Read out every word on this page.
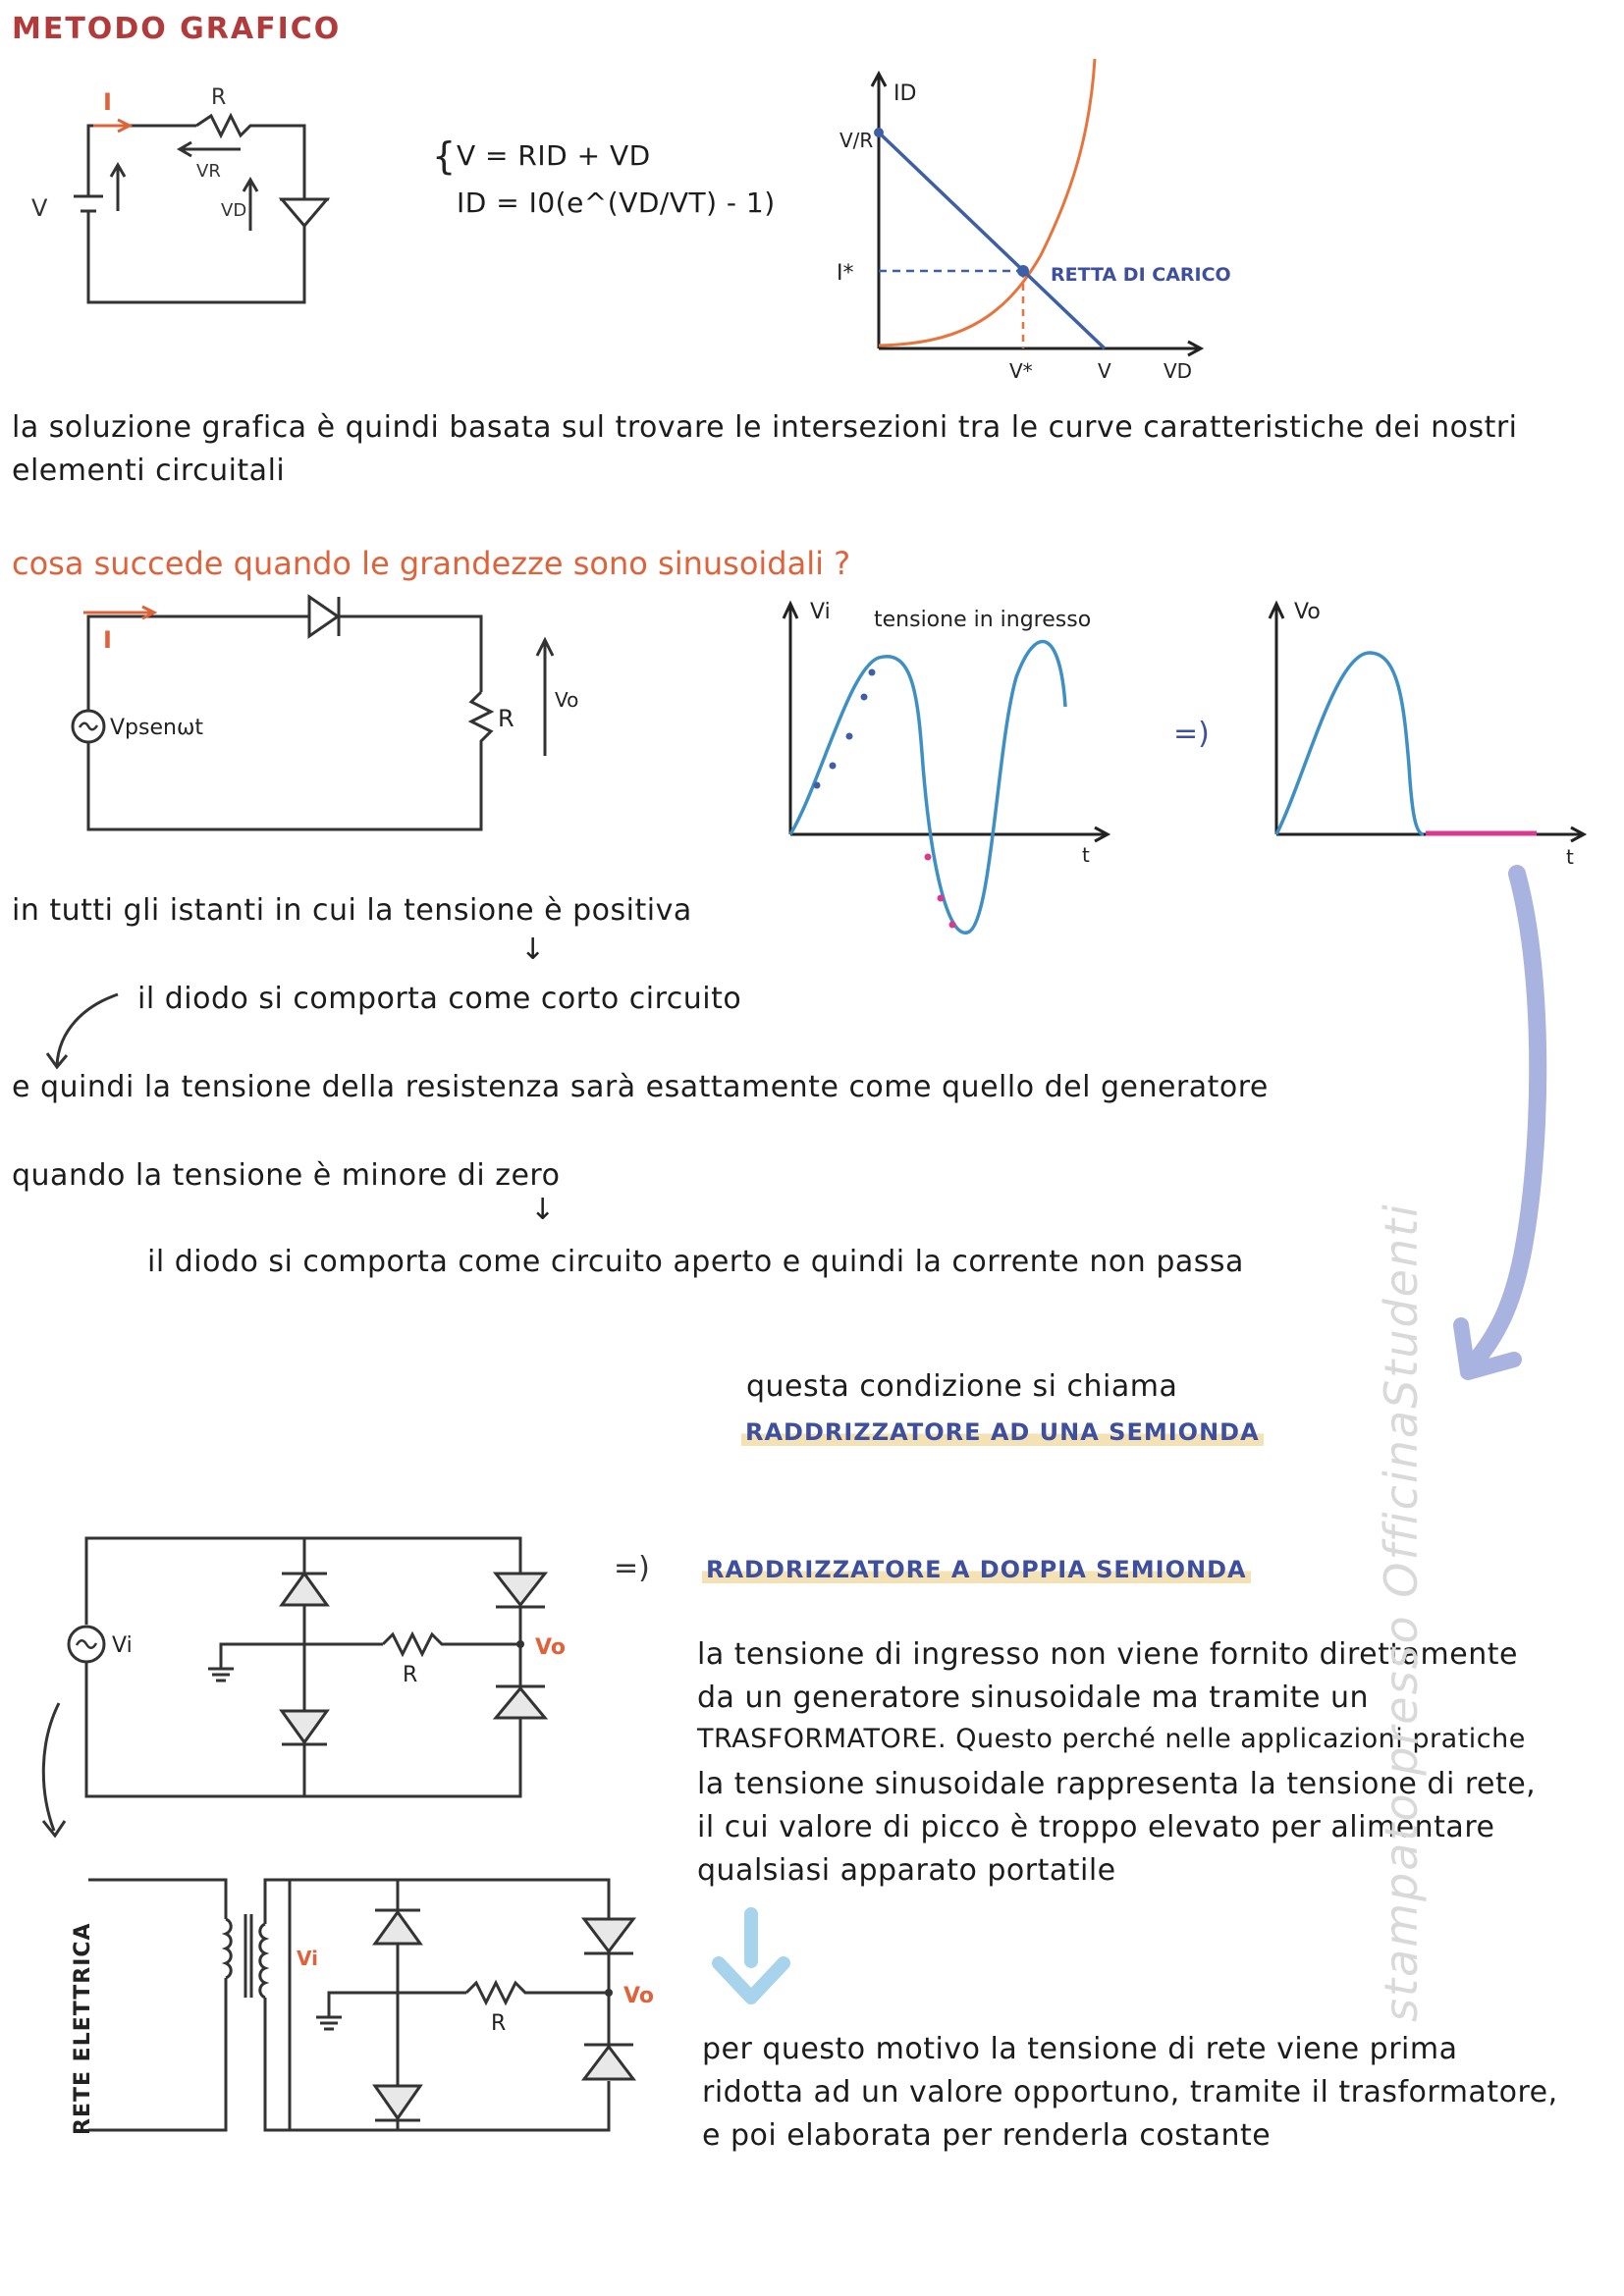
METODO GRAFICO
I	R
VR
V	VD
{ V = RID + VD
ID = I0(e^(VD/VT) - 1)
ID
V/R
I*
V*	V	VD
RETTA DI CARICO
la soluzione grafica è quindi basata sul trovare le intersezioni tra le curve caratteristiche dei nostri
elementi circuitali
cosa succede quando le grandezze sono sinusoidali ?
I
Vpsenωt	R
Vo
Vi tensione in ingresso
t
=)
Vo
t
in tutti gli istanti in cui la tensione è positiva
↓
il diodo si comporta come corto circuito
e quindi la tensione della resistenza sarà esattamente come quello del generatore
quando la tensione è minore di zero
↓
il diodo si comporta come circuito aperto e quindi la corrente non passa
questa condizione si chiama
RADDRIZZATORE AD UNA SEMIONDA
Vi
R
Vo
=) RADDRIZZATORE A DOPPIA SEMIONDA
la tensione di ingresso non viene fornito direttamente
da un generatore sinusoidale ma tramite un
TRASFORMATORE. Questo perché nelle applicazioni pratiche
la tensione sinusoidale rappresenta la tensione di rete,
il cui valore di picco è troppo elevato per alimentare
qualsiasi apparato portatile
Vi
R
Vo
RETE ELETTRICA	per questo motivo la tensione di rete viene prima
ridotta ad un valore opportuno, tramite il trasformatore,
e poi elaborata per renderla costante
stampato presso OfficinaStudenti
